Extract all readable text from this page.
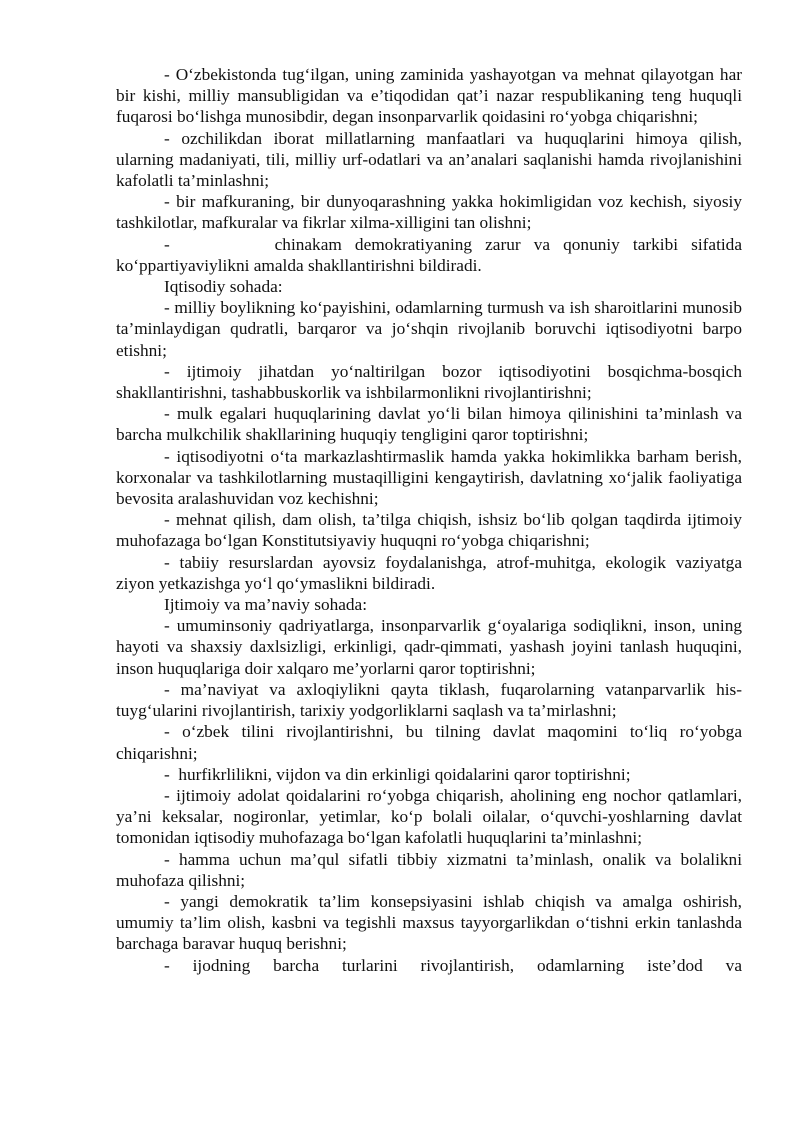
- O‘zbekistonda tug‘ilgan, uning zaminida yashayotgan va mehnat qilayotgan har bir kishi, milliy mansubligidan va e’tiqodidan qat’i nazar respublikaning teng huquqli fuqarosi bo‘lishga munosibdir, degan insonparvarlik qoidasini ro‘yobga chiqarishni;

- ozchilikdan iborat millatlarning manfaatlari va huquqlarini himoya qilish, ularning madaniyati, tili, milliy urf-odatlari va an’analari saqlanishi hamda rivojlanishini kafolatli ta’minlashni;

- bir mafkuraning, bir dunyoqarashning yakka hokimligidan voz kechish, siyosiy tashkilotlar, mafkuralar va fikrlar xilma-xilligini tan olishni;

-        chinakam demokratiyaning zarur va qonuniy tarkibi sifatida ko‘ppartiyaviylikni amalda shakllantirishni bildiradi.

Iqtisodiy sohada:

- milliy boylikning ko‘payishini, odamlarning turmush va ish sharoitlarini munosib ta’minlaydigan qudratli, barqaror va jo‘shqin rivojlanib boruvchi iqtisodiyotni barpo etishni;

- ijtimoiy jihatdan yo‘naltirilgan bozor iqtisodiyotini bosqichma-bosqich shakllantirishni, tashabbuskorlik va ishbilarmonlikni rivojlantirishni;

- mulk egalari huquqlarining davlat yo‘li bilan himoya qilinishini ta’minlash va barcha mulkchilik shakllarining huquqiy tengligini qaror toptirishni;

- iqtisodiyotni o‘ta markazlashtirmaslik hamda yakka hokimlikka barham berish, korxonalar va tashkilotlarning mustaqilligini kengaytirish, davlatning xo‘jalik faoliyatiga bevosita aralashuvidan voz kechishni;

- mehnat qilish, dam olish, ta’tilga chiqish, ishsiz bo‘lib qolgan taqdirda ijtimoiy muhofazaga bo‘lgan Konstitutsiyaviy huquqni ro‘yobga chiqarishni;

- tabiiy resurslardan ayovsiz foydalanishga, atrof-muhitga, ekologik vaziyatga ziyon yetkazishga yo‘l qo‘ymaslikni bildiradi.

Ijtimoiy va ma’naviy sohada:

- umuminsoniy qadriyatlarga, insonparvarlik g‘oyalariga sodiqlikni, inson, uning hayoti va shaxsiy daxlsizligi, erkinligi, qadr-qimmati, yashash joyini tanlash huquqini, inson huquqlariga doir xalqaro me’yorlarni qaror toptirishni;

- ma’naviyat va axloqiylikni qayta tiklash, fuqarolarning vatanparvarlik his- tuyg‘ularini rivojlantirish, tarixiy yodgorliklarni saqlash va ta’mirlashni;

- o‘zbek tilini rivojlantirishni, bu tilning davlat maqomini to‘liq ro‘yobga chiqarishni;

-  hurfikrlilikni, vijdon va din erkinligi qoidalarini qaror toptirishni;

- ijtimoiy adolat qoidalarini ro‘yobga chiqarish, aholining eng nochor qatlamlari, ya’ni keksalar, nogironlar, yetimlar, ko‘p bolali oilalar, o‘quvchi-yoshlarning davlat tomonidan iqtisodiy muhofazaga bo‘lgan kafolatli huquqlarini ta’minlashni;

- hamma uchun ma’qul sifatli tibbiy xizmatni ta’minlash, onalik va bolalikni muhofaza qilishni;

- yangi demokratik ta’lim konsepsiyasini ishlab chiqish va amalga oshirish, umumiy ta’lim olish, kasbni va tegishli maxsus tayyorgarlikdan o‘tishni erkin tanlashda barchaga baravar huquq berishni;

- ijodning barcha turlarini rivojlantirish, odamlarning iste’dod va
